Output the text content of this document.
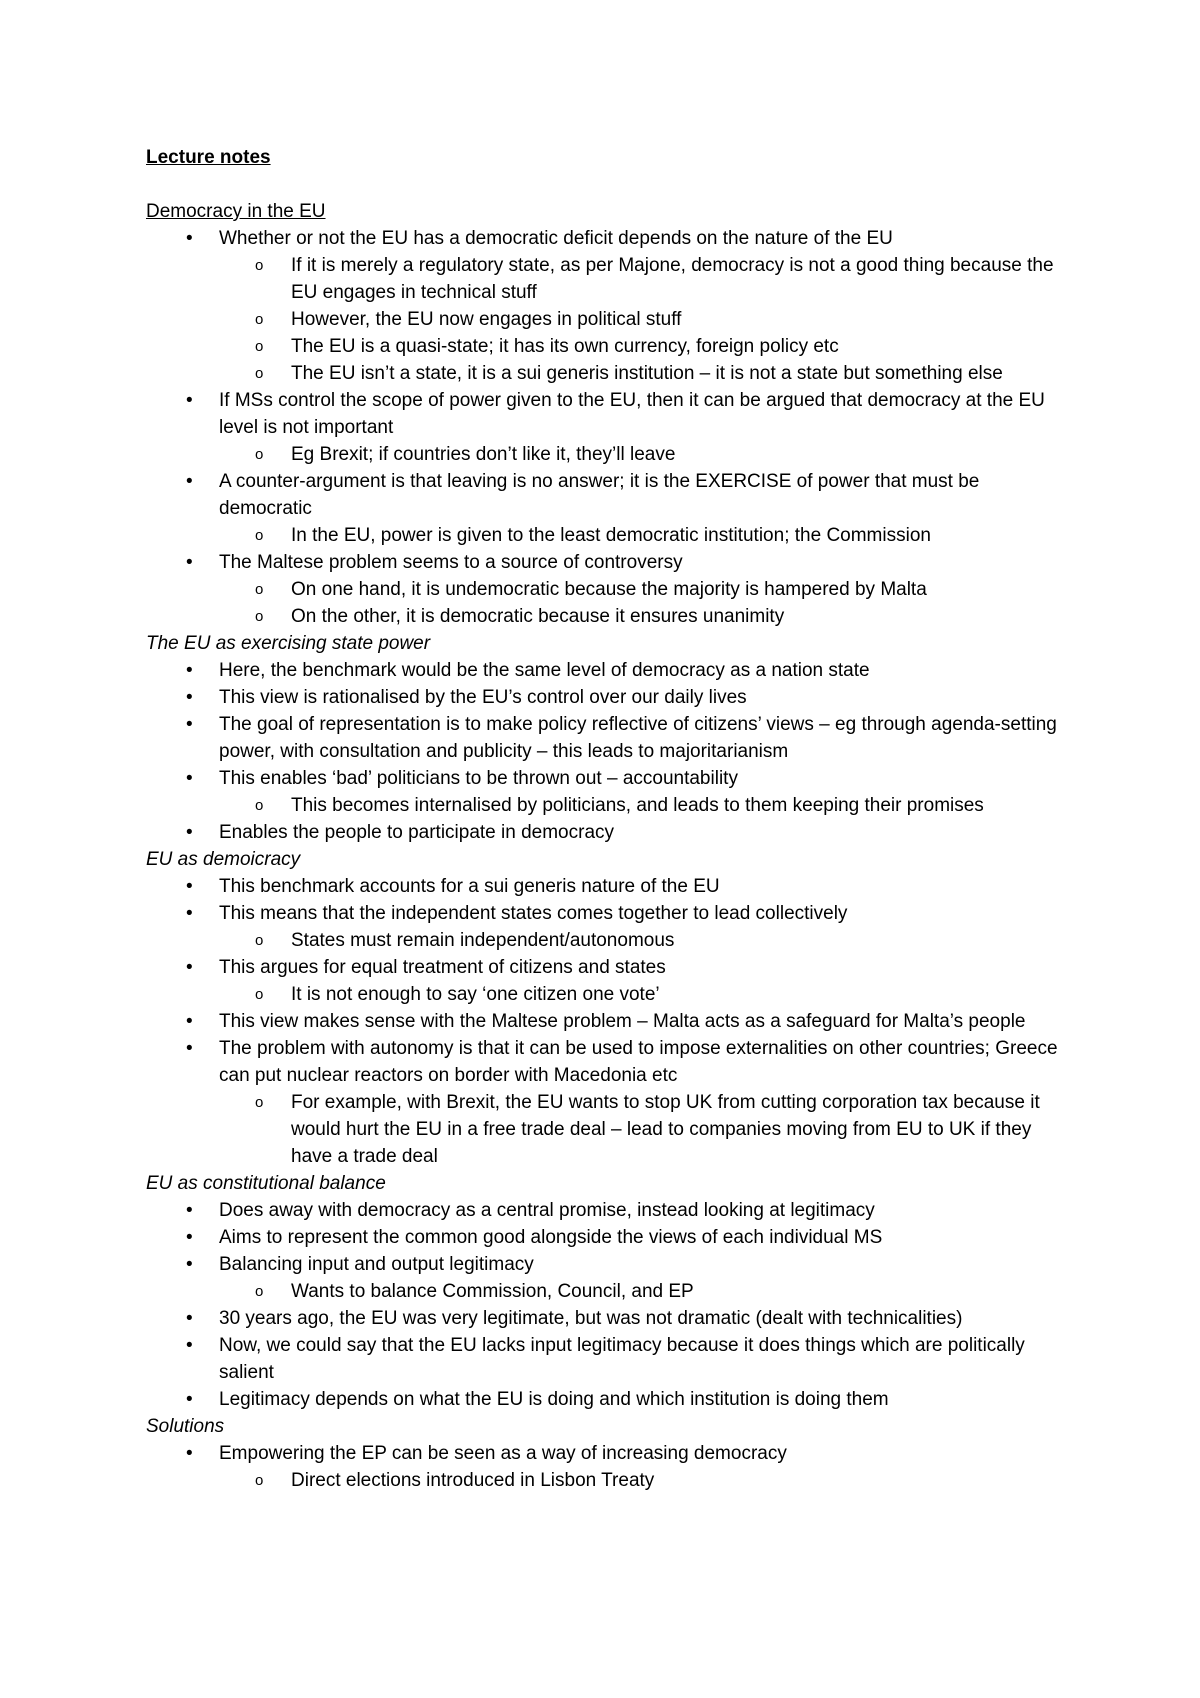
Lecture notes
Democracy in the EU
•	Whether or not the EU has a democratic deficit depends on the nature of the EU
o	If it is merely a regulatory state, as per Majone, democracy is not a good thing because the EU engages in technical stuff
o	However, the EU now engages in political stuff
o	The EU is a quasi-state; it has its own currency, foreign policy etc
o	The EU isn’t a state, it is a sui generis institution – it is not a state but something else
•	If MSs control the scope of power given to the EU, then it can be argued that democracy at the EU level is not important
o	Eg Brexit; if countries don’t like it, they’ll leave
•	A counter-argument is that leaving is no answer; it is the EXERCISE of power that must be democratic
o	In the EU, power is given to the least democratic institution; the Commission
•	The Maltese problem seems to a source of controversy
o	On one hand, it is undemocratic because the majority is hampered by Malta
o	On the other, it is democratic because it ensures unanimity
The EU as exercising state power
•	Here, the benchmark would be the same level of democracy as a nation state
•	This view is rationalised by the EU’s control over our daily lives
•	The goal of representation is to make policy reflective of citizens’ views – eg through agenda-setting power, with consultation and publicity – this leads to majoritarianism
•	This enables ‘bad’ politicians to be thrown out – accountability
o	This becomes internalised by politicians, and leads to them keeping their promises
•	Enables the people to participate in democracy
EU as demoicracy
•	This benchmark accounts for a sui generis nature of the EU
•	This means that the independent states comes together to lead collectively
o	States must remain independent/autonomous
•	This argues for equal treatment of citizens and states
o	It is not enough to say ‘one citizen one vote’
•	This view makes sense with the Maltese problem – Malta acts as a safeguard for Malta’s people
•	The problem with autonomy is that it can be used to impose externalities on other countries; Greece can put nuclear reactors on border with Macedonia etc
o	For example, with Brexit, the EU wants to stop UK from cutting corporation tax because it would hurt the EU in a free trade deal – lead to companies moving from EU to UK if they have a trade deal
EU as constitutional balance
•	Does away with democracy as a central promise, instead looking at legitimacy
•	Aims to represent the common good alongside the views of each individual MS
•	Balancing input and output legitimacy
o	Wants to balance Commission, Council, and EP
•	30 years ago, the EU was very legitimate, but was not dramatic (dealt with technicalities)
•	Now, we could say that the EU lacks input legitimacy because it does things which are politically salient
•	Legitimacy depends on what the EU is doing and which institution is doing them
Solutions
•	Empowering the EP can be seen as a way of increasing democracy
o	Direct elections introduced in Lisbon Treaty
